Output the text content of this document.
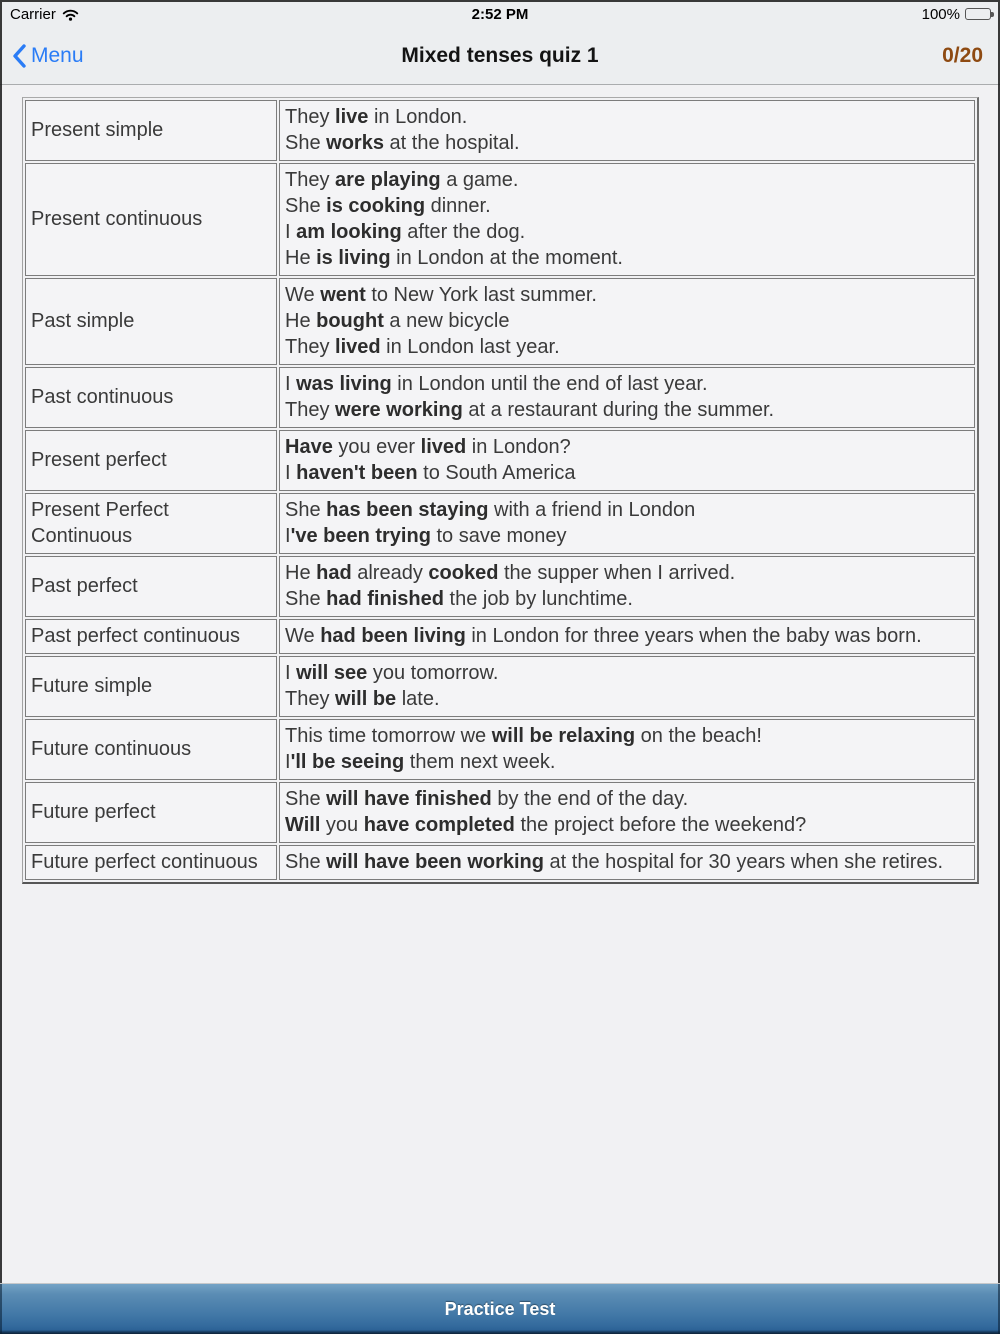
Carrier	2:52 PM	100%
Mixed tenses quiz 1
Menu	0/20
Present simple	They live in London.
She works at the hospital.

Present continuous	They are playing a game.
She is cooking dinner.
I am looking after the dog.
He is living in London at the moment.

Past simple	We went to New York last summer.
He bought a new bicycle
They lived in London last year.

Past continuous	I was living in London until the end of last year.
They were working at a restaurant during the summer.

Present perfect	Have you ever lived in London?
I haven't been to South America

Present Perfect Continuous	She has been staying with a friend in London
I've been trying to save money

Past perfect	He had already cooked the supper when I arrived.
She had finished the job by lunchtime.

Past perfect continuous	We had been living in London for three years when the baby was born.

Future simple	I will see you tomorrow.
They will be late.

Future continuous	This time tomorrow we will be relaxing on the beach!
I'll be seeing them next week.

Future perfect	She will have finished by the end of the day.
Will you have completed the project before the weekend?

Future perfect continuous	She will have been working at the hospital for 30 years when she retires.
Practice Test
